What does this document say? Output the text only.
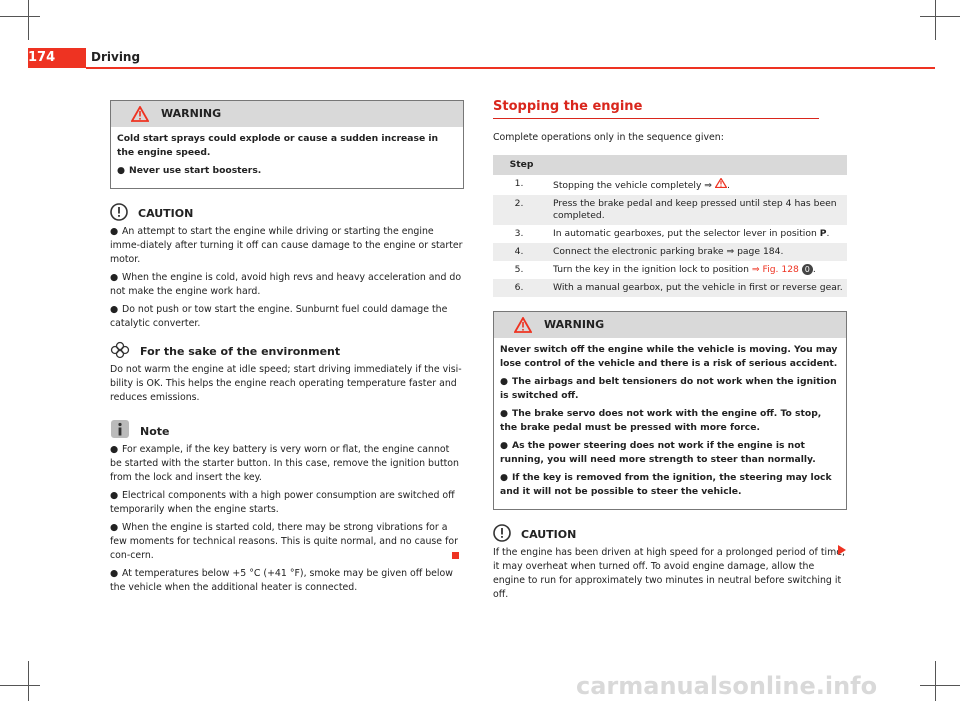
174	Driving
WARNING

Cold start sprays could explode or cause a sudden increase in the engine speed.

● Never use start boosters.
CAUTION
● An attempt to start the engine while driving or starting the engine imme-diately after turning it off can cause damage to the engine or starter motor.
● When the engine is cold, avoid high revs and heavy acceleration and do not make the engine work hard.
● Do not push or tow start the engine. Sunburnt fuel could damage the catalytic converter.
For the sake of the environment

Do not warm the engine at idle speed; start driving immediately if the visi-bility is OK. This helps the engine reach operating temperature faster and reduces emissions.

Note
● For example, if the key battery is very worn or flat, the engine cannot be started with the starter button. In this case, remove the ignition button from the lock and insert the key.
● Electrical components with a high power consumption are switched off temporarily when the engine starts.
● When the engine is started cold, there may be strong vibrations for a few moments for technical reasons. This is quite normal, and no cause for con-cern.
● At temperatures below +5 °C (+41 °F), smoke may be given off below the vehicle when the additional heater is connected.
Stopping the engine

Complete operations only in the sequence given:

Step	
1.	Stopping the vehicle completely ⇒ .
2.	Press the brake pedal and keep pressed until step 4 has been completed.
3.	In automatic gearboxes, put the selector lever in position P.
4.	Connect the electronic parking brake ⇒ page 184.
5.	Turn the key in the ignition lock to position ⇒ Fig. 128 0 .
6.	With a manual gearbox, put the vehicle in first or reverse gear.
WARNING

Never switch off the engine while the vehicle is moving. You may lose control of the vehicle and there is a risk of serious accident.

● The airbags and belt tensioners do not work when the ignition is switched off.
● The brake servo does not work with the engine off. To stop, the brake pedal must be pressed with more force.
● As the power steering does not work if the engine is not running, you will need more strength to steer than normally.
● If the key is removed from the ignition, the steering may lock and it will not be possible to steer the vehicle.
CAUTION

If the engine has been driven at high speed for a prolonged period of time, it may overheat when turned off. To avoid engine damage, allow the engine to run for approximately two minutes in neutral before switching it off.

carmanualsonline.info
